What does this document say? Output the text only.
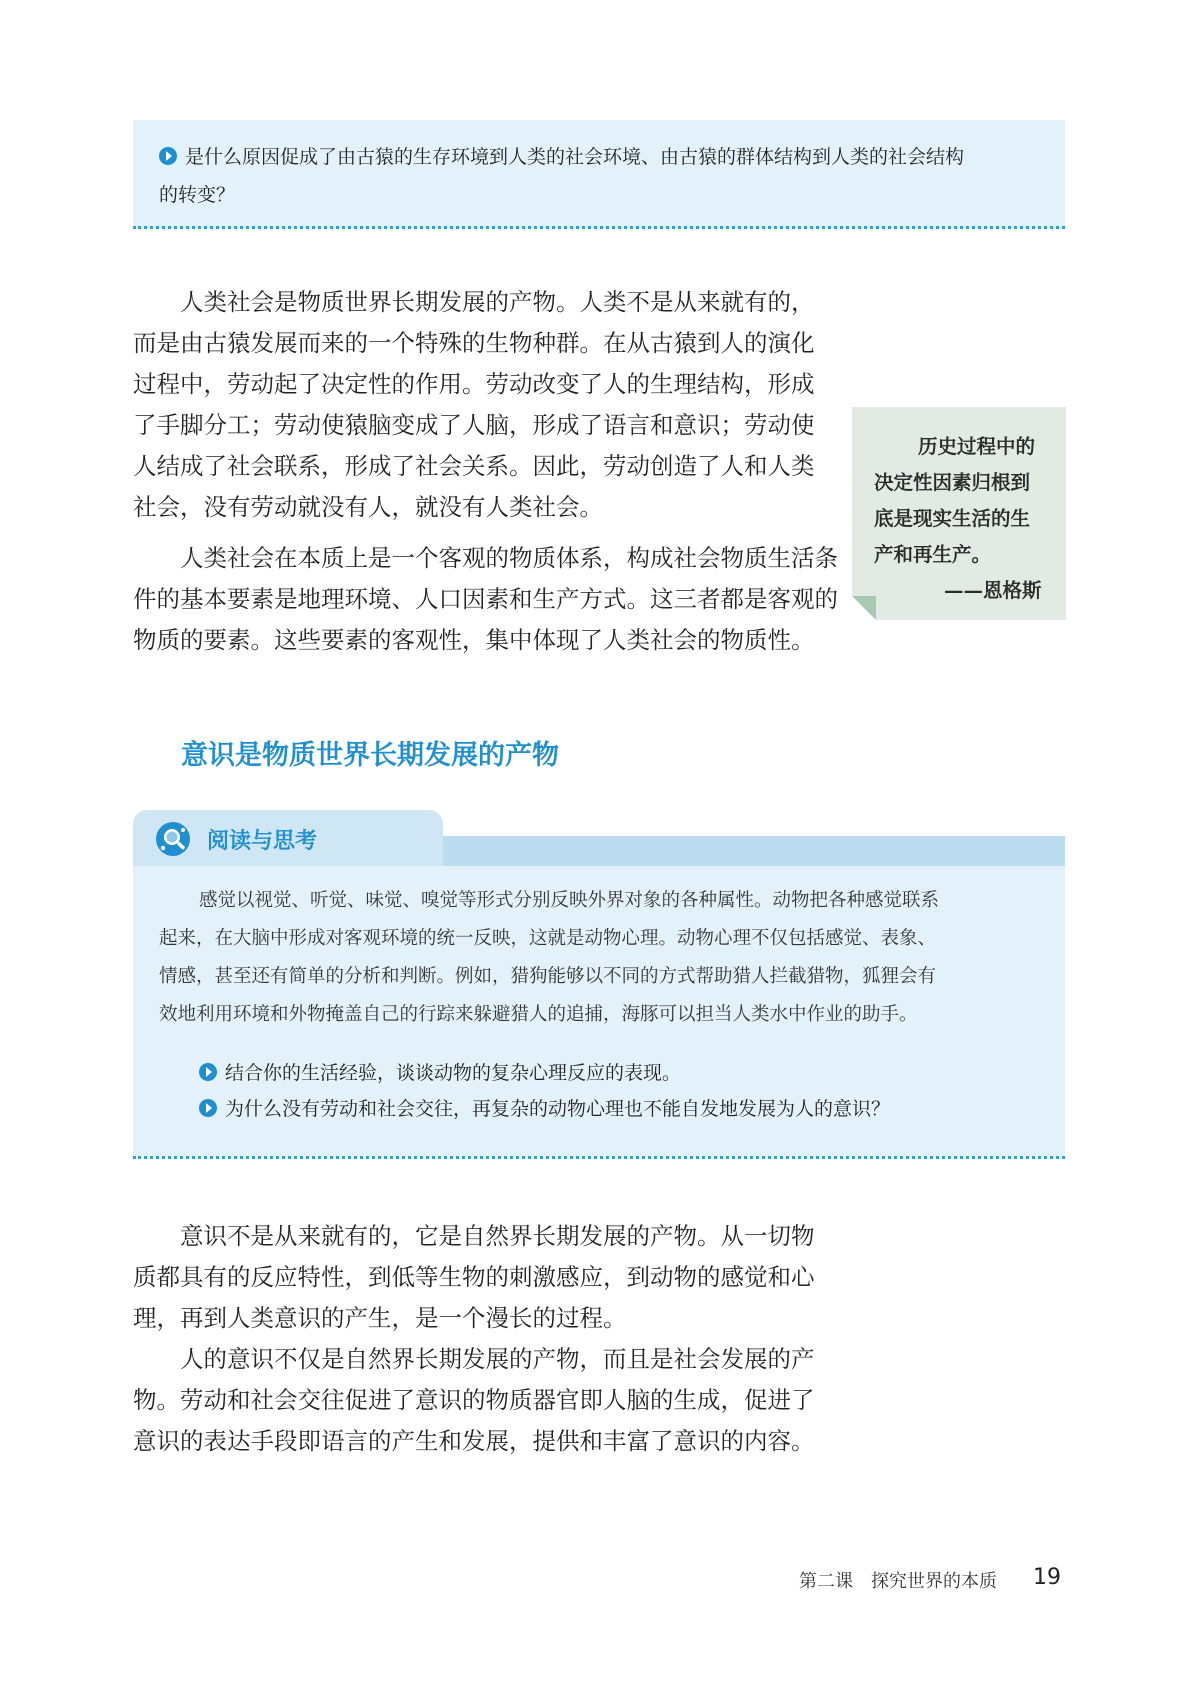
是什么原因促成了由古猿的生存环境到人类的社会环境、由古猿的群体结构到人类的社会结构
的转变？
人类社会是物质世界长期发展的产物。人类不是从来就有的，
而是由古猿发展而来的一个特殊的生物种群。在从古猿到人的演化
过程中，劳动起了决定性的作用。劳动改变了人的生理结构，形成
了手脚分工；劳动使猿脑变成了人脑，形成了语言和意识；劳动使
人结成了社会联系，形成了社会关系。因此，劳动创造了人和人类
社会，没有劳动就没有人，就没有人类社会。
人类社会在本质上是一个客观的物质体系，构成社会物质生活条
件的基本要素是地理环境、人口因素和生产方式。这三者都是客观的
物质的要素。这些要素的客观性，集中体现了人类社会的物质性。
历史过程中的
决定性因素归根到
底是现实生活的生
产和再生产。
——恩格斯
意识是物质世界长期发展的产物
阅读与思考
感觉以视觉、听觉、味觉、嗅觉等形式分别反映外界对象的各种属性。动物把各种感觉联系
起来，在大脑中形成对客观环境的统一反映，这就是动物心理。动物心理不仅包括感觉、表象、
情感，甚至还有简单的分析和判断。例如，猎狗能够以不同的方式帮助猎人拦截猎物，狐狸会有
效地利用环境和外物掩盖自己的行踪来躲避猎人的追捕，海豚可以担当人类水中作业的助手。
结合你的生活经验，谈谈动物的复杂心理反应的表现。
为什么没有劳动和社会交往，再复杂的动物心理也不能自发地发展为人的意识？
意识不是从来就有的，它是自然界长期发展的产物。从一切物
质都具有的反应特性，到低等生物的刺激感应，到动物的感觉和心
理，再到人类意识的产生，是一个漫长的过程。
人的意识不仅是自然界长期发展的产物，而且是社会发展的产
物。劳动和社会交往促进了意识的物质器官即人脑的生成，促进了
意识的表达手段即语言的产生和发展，提供和丰富了意识的内容。
第二课　探究世界的本质 19
